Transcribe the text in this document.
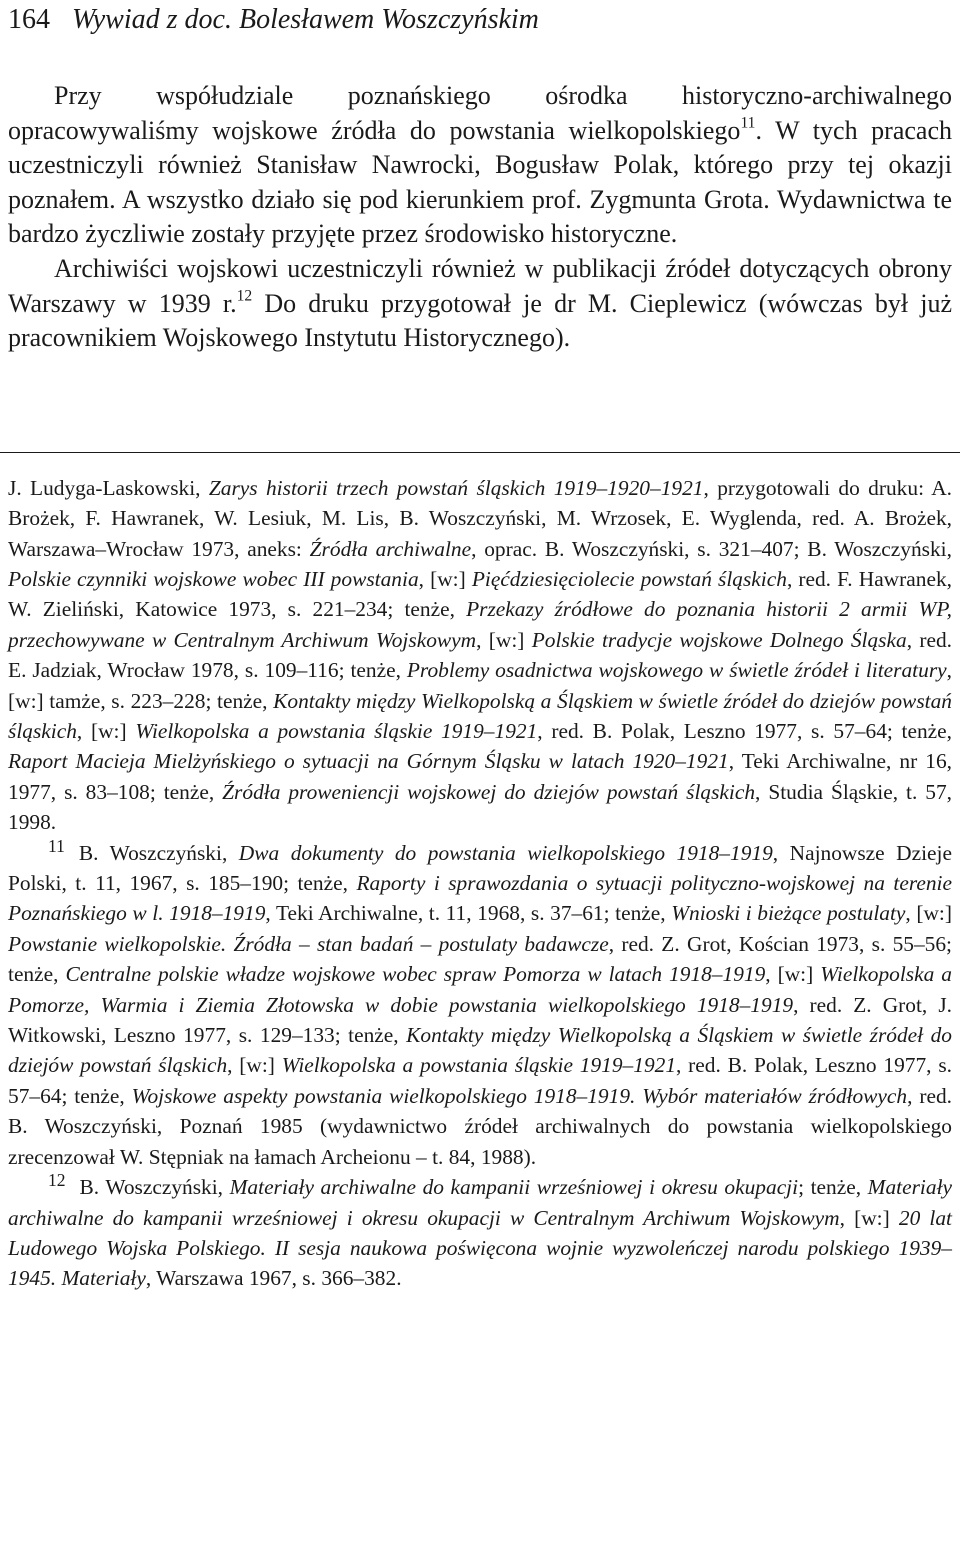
164 Wywiad z doc. Bolesławem Woszczyńskim

Przy współudziale poznańskiego ośrodka historyczno-archiwalnego opracowywaliśmy wojskowe źródła do powstania wielkopolskiego$^{11}$. W tych pracach uczestniczyli również Stanisław Nawrocki, Bogusław Polak, którego przy tej okazji poznałem. A wszystko działo się pod kierunkiem prof. Zygmunta Grota. Wydawnictwa te bardzo życzliwie zostały przyjęte przez środowisko historyczne.

Archiwiści wojskowi uczestniczyli również w publikacji źródeł dotyczących obrony Warszawy w 1939 r.$^{12}$ Do druku przygotował je dr M. Cieplewicz (wówczas był już pracownikiem Wojskowego Instytutu Historycznego).

J. Ludyga-Laskowski, Zarys historii trzech powstań śląskich 1919–1920–1921, przygotowali do druku: A. Brożek, F. Hawranek, W. Lesiuk, M. Lis, B. Woszczyński, M. Wrzosek, E. Wyglenda, red. A. Brożek, Warszawa–Wrocław 1973, aneks: Źródła archiwalne, oprac. B. Woszczyński, s. 321–407; B. Woszczyński, Polskie czynniki wojskowe wobec III powstania, [w:] Pięćdziesięciolecie powstań śląskich, red. F. Hawranek, W. Zieliński, Katowice 1973, s. 221–234; tenże, Przekazy źródłowe do poznania historii 2 armii WP, przechowywane w Centralnym Archiwum Wojskowym, [w:] Polskie tradycje wojskowe Dolnego Śląska, red. E. Jadziak, Wrocław 1978, s. 109–116; tenże, Problemy osadnictwa wojskowego w świetle źródeł i literatury, [w:] tamże, s. 223–228; tenże, Kontakty między Wielkopolską a Śląskiem w świetle źródeł do dziejów powstań śląskich, [w:] Wielkopolska a powstania śląskie 1919–1921, red. B. Polak, Leszno 1977, s. 57–64; tenże, Raport Macieja Mielżyńskiego o sytuacji na Górnym Śląsku w latach 1920–1921, Teki Archiwalne, nr 16, 1977, s. 83–108; tenże, Źródła proweniencji wojskowej do dziejów powstań śląskich, Studia Śląskie, t. 57, 1998.

$^{11}$ B. Woszczyński, Dwa dokumenty do powstania wielkopolskiego 1918–1919, Najnowsze Dzieje Polski, t. 11, 1967, s. 185–190; tenże, Raporty i sprawozdania o sytuacji polityczno-wojskowej na terenie Poznańskiego w l. 1918–1919, Teki Archiwalne, t. 11, 1968, s. 37–61; tenże, Wnioski i bieżące postulaty, [w:] Powstanie wielkopolskie. Źródła – stan badań – postulaty badawcze, red. Z. Grot, Kościan 1973, s. 55–56; tenże, Centralne polskie władze wojskowe wobec spraw Pomorza w latach 1918–1919, [w:] Wielkopolska a Pomorze, Warmia i Ziemia Złotowska w dobie powstania wielkopolskiego 1918–1919, red. Z. Grot, J. Witkowski, Leszno 1977, s. 129–133; tenże, Kontakty między Wielkopolską a Śląskiem w świetle źródeł do dziejów powstań śląskich, [w:] Wielkopolska a powstania śląskie 1919–1921, red. B. Polak, Leszno 1977, s. 57–64; tenże, Wojskowe aspekty powstania wielkopolskiego 1918–1919. Wybór materiałów źródłowych, red. B. Woszczyński, Poznań 1985 (wydawnictwo źródeł archiwalnych do powstania wielkopolskiego zrecenzował W. Stępniak na łamach Archeionu – t. 84, 1988).

$^{12}$ B. Woszczyński, Materiały archiwalne do kampanii wrześniowej i okresu okupacji; tenże, Materiały archiwalne do kampanii wrześniowej i okresu okupacji w Centralnym Archiwum Wojskowym, [w:] 20 lat Ludowego Wojska Polskiego. II sesja naukowa poświęcona wojnie wyzwoleńczej narodu polskiego 1939–1945. Materiały, Warszawa 1967, s. 366–382.
